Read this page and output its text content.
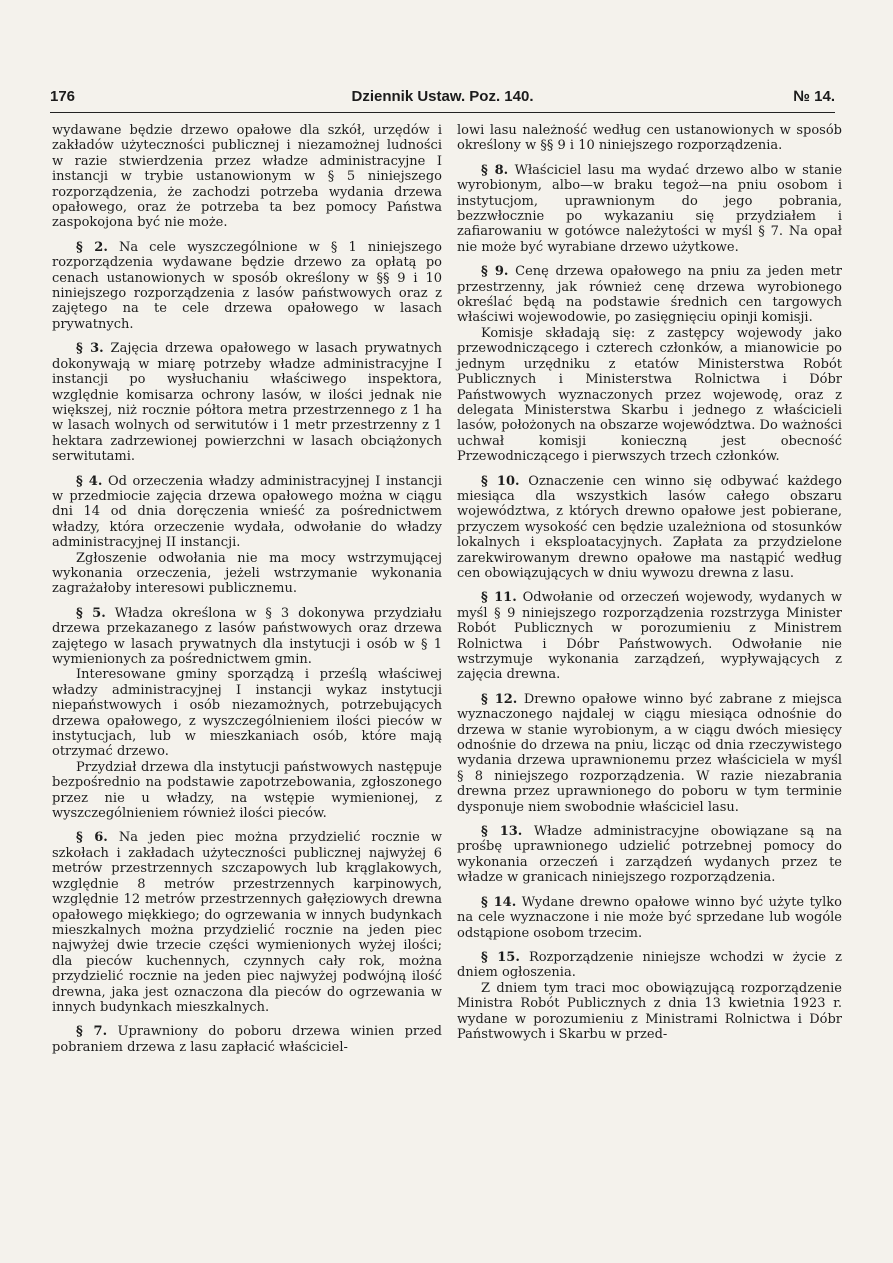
176	Dziennik Ustaw. Poz. 140.	№ 14.

wydawane będzie drzewo opałowe dla szkół, urzędów i zakładów użyteczności publicznej i niezamożnej ludności w razie stwierdzenia przez władze administracyjne I instancji w trybie ustanowionym w § 5 niniejszego rozporządzenia, że zachodzi potrzeba wydania drzewa opałowego, oraz że potrzeba ta bez pomocy Państwa zaspokojona być nie może.

§ 2. Na cele wyszczególnione w § 1 niniejszego rozporządzenia wydawane będzie drzewo za opłatą po cenach ustanowionych w sposób określony w §§ 9 i 10 niniejszego rozporządzenia z lasów państwowych oraz z zajętego na te cele drzewa opałowego w lasach prywatnych.

§ 3. Zajęcia drzewa opałowego w lasach prywatnych dokonywają w miarę potrzeby władze administracyjne I instancji po wysłuchaniu właściwego inspektora, względnie komisarza ochrony lasów, w ilości jednak nie większej, niż rocznie półtora metra przestrzennego z 1 ha w lasach wolnych od serwitutów i 1 metr przestrzenny z 1 hektara zadrzewionej powierzchni w lasach obciążonych serwitutami.

§ 4. Od orzeczenia władzy administracyjnej I instancji w przedmiocie zajęcia drzewa opałowego można w ciągu dni 14 od dnia doręczenia wnieść za pośrednictwem władzy, która orzeczenie wydała, odwołanie do władzy administracyjnej II instancji.

Zgłoszenie odwołania nie ma mocy wstrzymującej wykonania orzeczenia, jeżeli wstrzymanie wykonania zagrażałoby interesowi publicznemu.

§ 5. Władza określona w § 3 dokonywa przydziału drzewa przekazanego z lasów państwowych oraz drzewa zajętego w lasach prywatnych dla instytucji i osób w § 1 wymienionych za pośrednictwem gmin.

Interesowane gminy sporządzą i prześlą właściwej władzy administracyjnej I instancji wykaz instytucji niepaństwowych i osób niezamożnych, potrzebujących drzewa opałowego, z wyszczególnieniem ilości pieców w instytucjach, lub w mieszkaniach osób, które mają otrzymać drzewo.

Przydział drzewa dla instytucji państwowych następuje bezpośrednio na podstawie zapotrzebowania, zgłoszonego przez nie u władzy, na wstępie wymienionej, z wyszczególnieniem również ilości pieców.

§ 6. Na jeden piec można przydzielić rocznie w szkołach i zakładach użyteczności publicznej najwyżej 6 metrów przestrzennych szczapowych lub krąglakowych, względnie 8 metrów przestrzennych karpinowych, względnie 12 metrów przestrzennych gałęziowych drewna opałowego miękkiego; do ogrzewania w innych budynkach mieszkalnych można przydzielić rocznie na jeden piec najwyżej dwie trzecie części wymienionych wyżej ilości; dla pieców kuchennych, czynnych cały rok, można przydzielić rocznie na jeden piec najwyżej podwójną ilość drewna, jaka jest oznaczona dla pieców do ogrzewania w innych budynkach mieszkalnych.

§ 7. Uprawniony do poboru drzewa winien przed pobraniem drzewa z lasu zapłacić właściciel-

lowi lasu należność według cen ustanowionych w sposób określony w §§ 9 i 10 niniejszego rozporządzenia.

§ 8. Właściciel lasu ma wydać drzewo albo w stanie wyrobionym, albo—w braku tegoż—na pniu osobom i instytucjom, uprawnionym do jego pobrania, bezzwłocznie po wykazaniu się przydziałem i zafiarowaniu w gotówce należytości w myśl § 7. Na opał nie może być wyrabiane drzewo użytkowe.

§ 9. Cenę drzewa opałowego na pniu za jeden metr przestrzenny, jak również cenę drzewa wyrobionego określać będą na podstawie średnich cen targowych właściwi wojewodowie, po zasięgnięciu opinji komisji.

Komisje składają się: z zastępcy wojewody jako przewodniczącego i czterech członków, a mianowicie po jednym urzędniku z etatów Ministerstwa Robót Publicznych i Ministerstwa Rolnictwa i Dóbr Państwowych wyznaczonych przez wojewodę, oraz z delegata Ministerstwa Skarbu i jednego z właścicieli lasów, położonych na obszarze województwa. Do ważności uchwał komisji konieczną jest obecność Przewodniczącego i pierwszych trzech członków.

§ 10. Oznaczenie cen winno się odbywać każdego miesiąca dla wszystkich lasów całego obszaru województwa, z których drewno opałowe jest pobierane, przyczem wysokość cen będzie uzależniona od stosunków lokalnych i eksploatacyjnych. Zapłata za przydzielone zarekwirowanym drewno opałowe ma nastąpić według cen obowiązujących w dniu wywozu drewna z lasu.

§ 11. Odwołanie od orzeczeń wojewody, wydanych w myśl § 9 niniejszego rozporządzenia rozstrzyga Minister Robót Publicznych w porozumieniu z Ministrem Rolnictwa i Dóbr Państwowych. Odwołanie nie wstrzymuje wykonania zarządzeń, wypływających z zajęcia drewna.

§ 12. Drewno opałowe winno być zabrane z miejsca wyznaczonego najdalej w ciągu miesiąca odnośnie do drzewa w stanie wyrobionym, a w ciągu dwóch miesięcy odnośnie do drzewa na pniu, licząc od dnia rzeczywistego wydania drzewa uprawnionemu przez właściciela w myśl § 8 niniejszego rozporządzenia. W razie niezabrania drewna przez uprawnionego do poboru w tym terminie dysponuje niem swobodnie właściciel lasu.

§ 13. Władze administracyjne obowiązane są na prośbę uprawnionego udzielić potrzebnej pomocy do wykonania orzeczeń i zarządzeń wydanych przez te władze w granicach niniejszego rozporządzenia.

§ 14. Wydane drewno opałowe winno być użyte tylko na cele wyznaczone i nie może być sprzedane lub wogóle odstąpione osobom trzecim.

§ 15. Rozporządzenie niniejsze wchodzi w życie z dniem ogłoszenia.

Z dniem tym traci moc obowiązującą rozporządzenie Ministra Robót Publicznych z dnia 13 kwietnia 1923 r. wydane w porozumieniu z Ministrami Rolnictwa i Dóbr Państwowych i Skarbu w przed-
